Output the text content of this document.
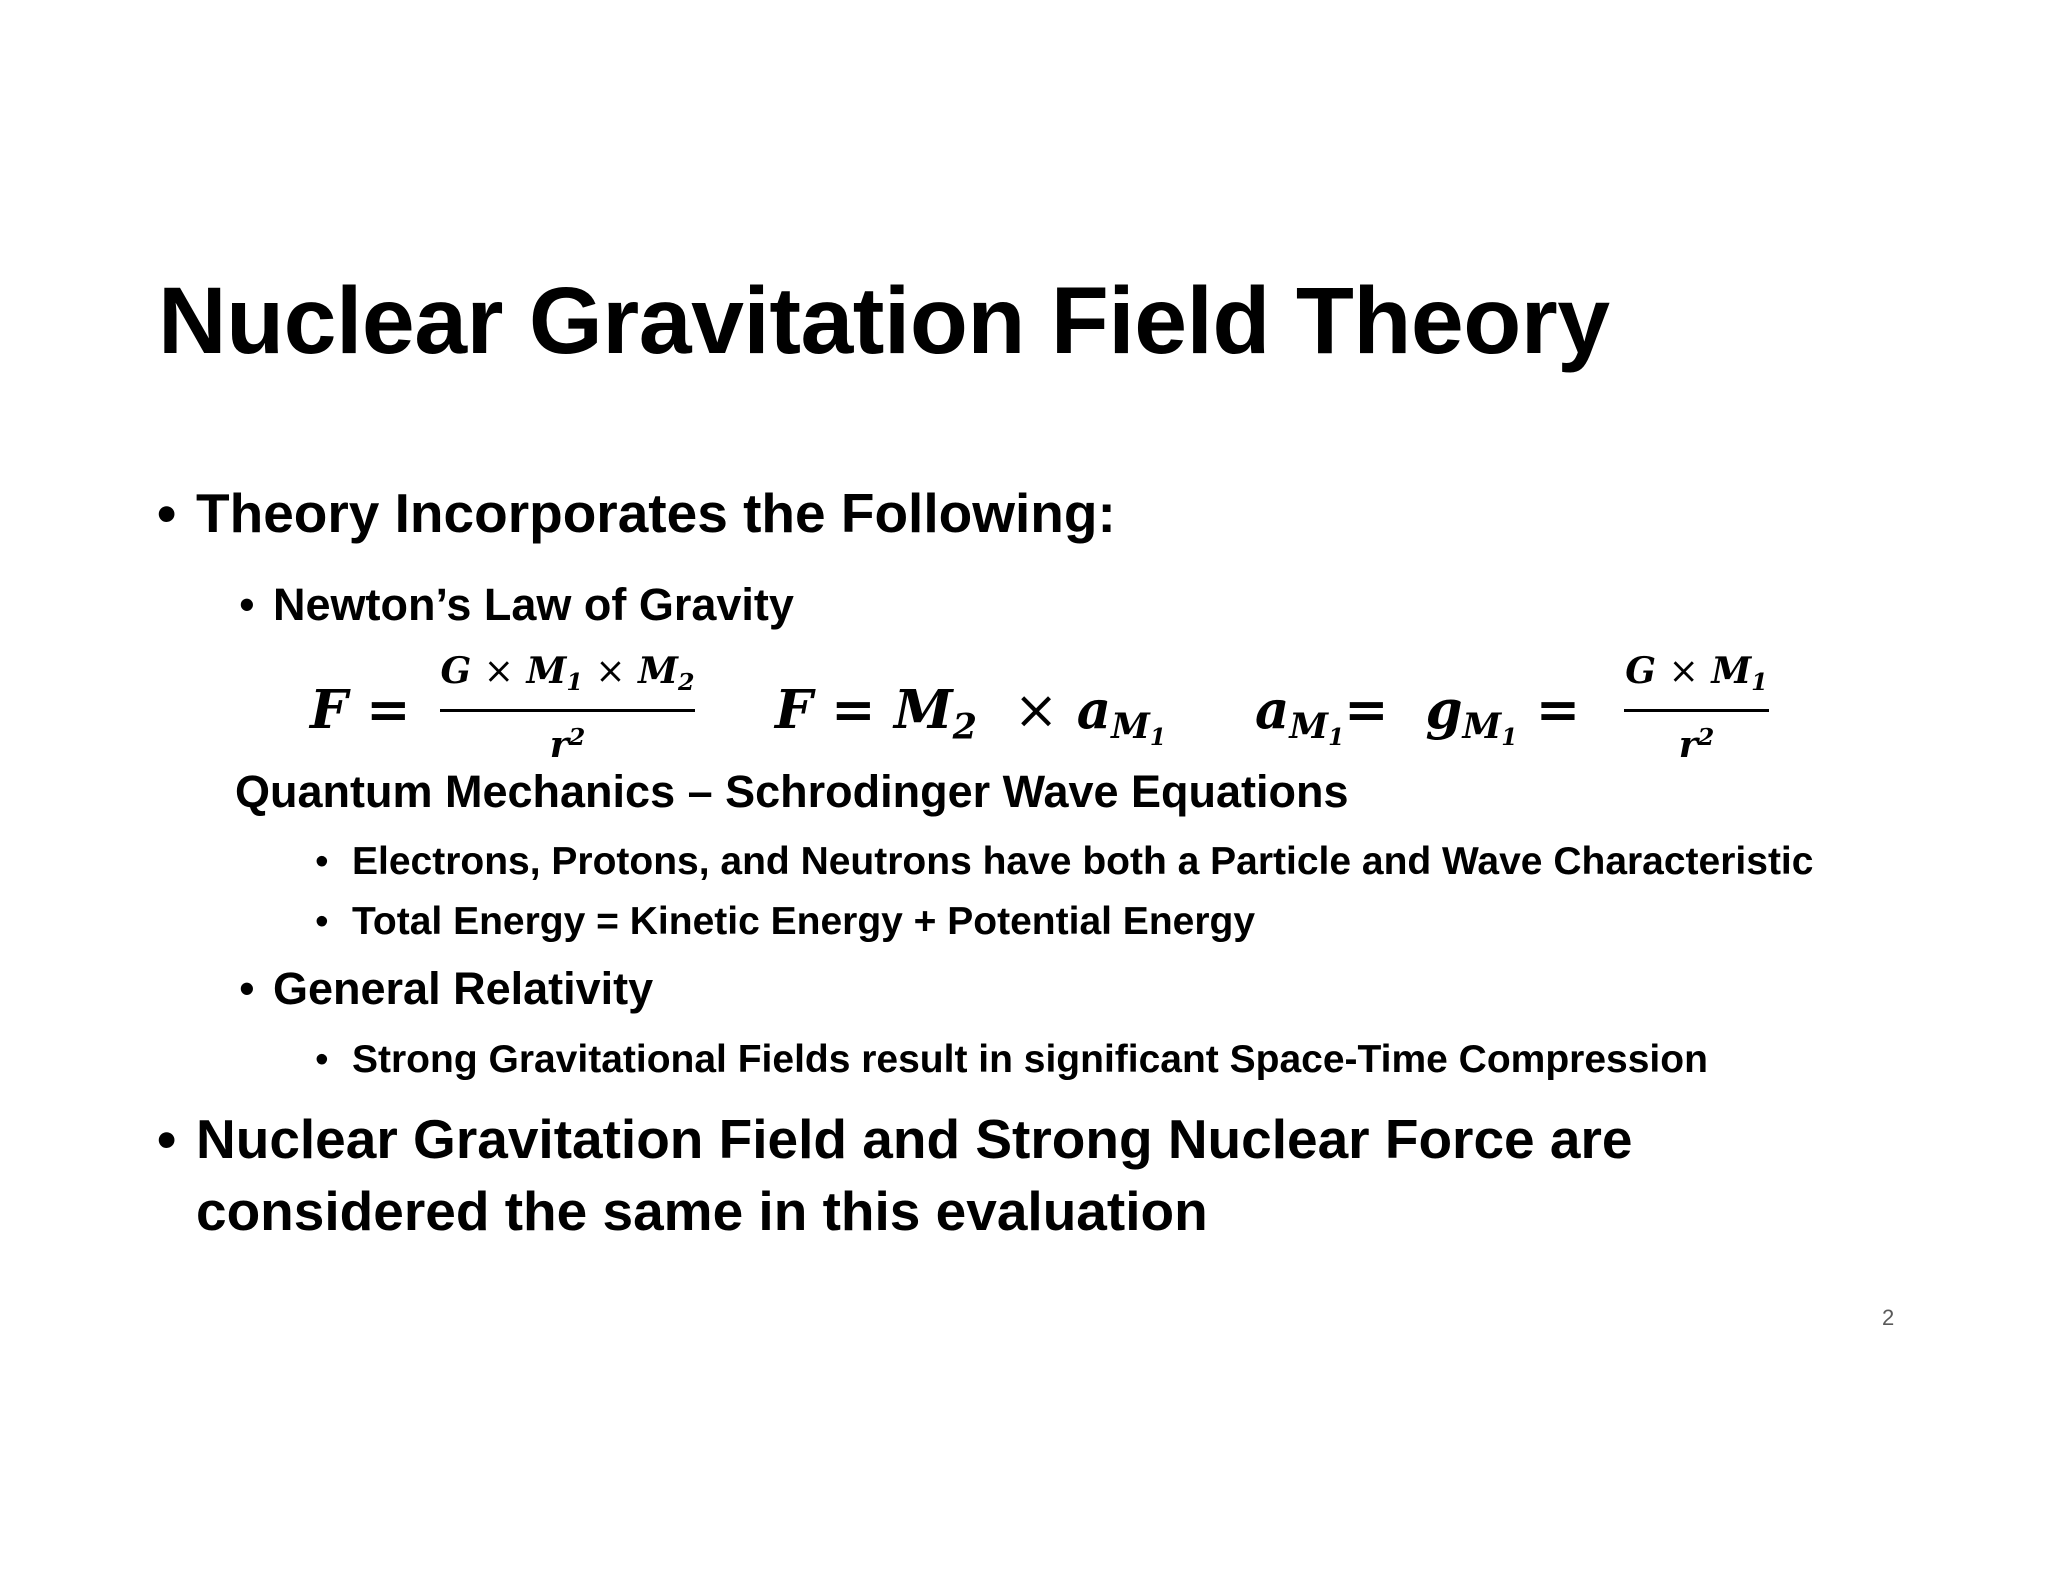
Nuclear Gravitation Field Theory
• Theory Incorporates the Following:
• Newton’s Law of Gravity
F =
$G \times M_1 \times M_2$
$r^2$	$F = M_2 \times a_{M_1}$ $a_{M_1}= g_{M_1}$ =
$G \times M_1$
$r^2$
Quantum Mechanics – Schrodinger Wave Equations
• Electrons, Protons, and Neutrons have both a Particle and Wave Characteristic
• Total Energy = Kinetic Energy + Potential Energy
• General Relativity
• Strong Gravitational Fields result in significant Space-Time Compression
• Nuclear Gravitation Field and Strong Nuclear Force are
considered the same in this evaluation
2
